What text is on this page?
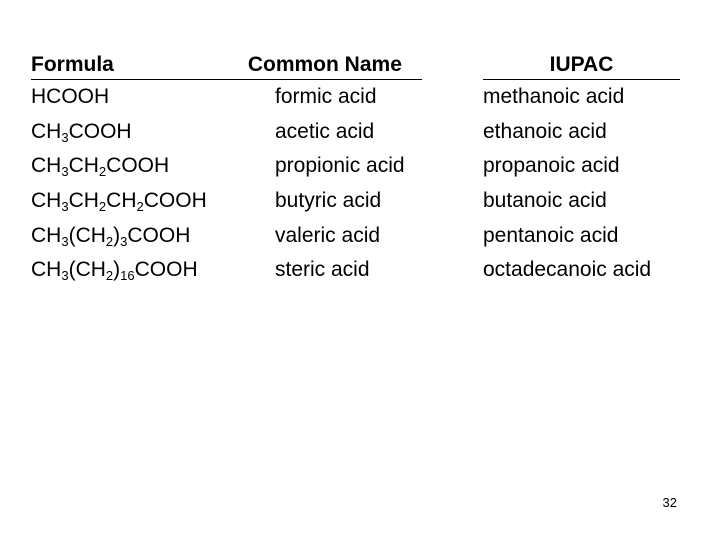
Formula
HCOOH
$CH_3COOH$
$CH_3CH_2COOH$
$CH_3CH_2CH_2COOH$
$CH_3(CH_2)_3COOH$
$CH_3(CH_2)_{16}COOH$
Common Name
formic acid
acetic acid
propionic acid
butyric acid
valeric acid
steric acid
IUPAC
methanoic acid
ethanoic acid
propanoic acid
butanoic acid
pentanoic acid
octadecanoic acid
32
